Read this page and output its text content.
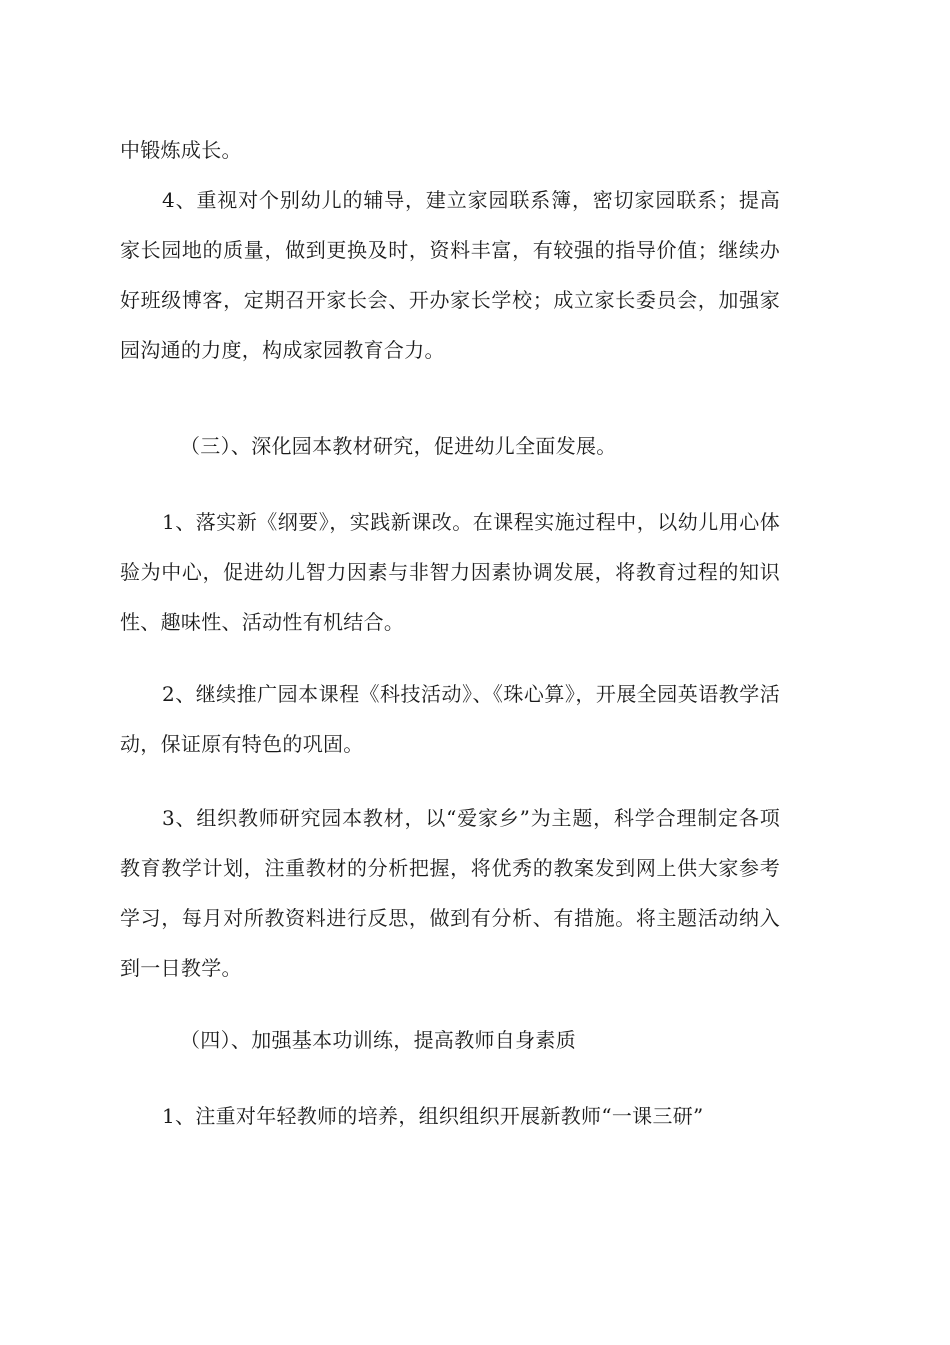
中锻炼成长。

4、重视对个别幼儿的辅导，建立家园联系簿，密切家园联系；提高家长园地的质量，做到更换及时，资料丰富，有较强的指导价值；继续办好班级博客，定期召开家长会、开办家长学校；成立家长委员会，加强家园沟通的力度，构成家园教育合力。

（三）、深化园本教材研究，促进幼儿全面发展。

1、落实新《纲要》，实践新课改。在课程实施过程中，以幼儿用心体验为中心，促进幼儿智力因素与非智力因素协调发展，将教育过程的知识性、趣味性、活动性有机结合。

2、继续推广园本课程《科技活动》、《珠心算》，开展全园英语教学活动，保证原有特色的巩固。

3、组织教师研究园本教材，以“爱家乡”为主题，科学合理制定各项教育教学计划，注重教材的分析把握，将优秀的教案发到网上供大家参考学习，每月对所教资料进行反思，做到有分析、有措施。将主题活动纳入到一日教学。

（四）、加强基本功训练，提高教师自身素质

1、注重对年轻教师的培养，组织组织开展新教师“一课三研”
